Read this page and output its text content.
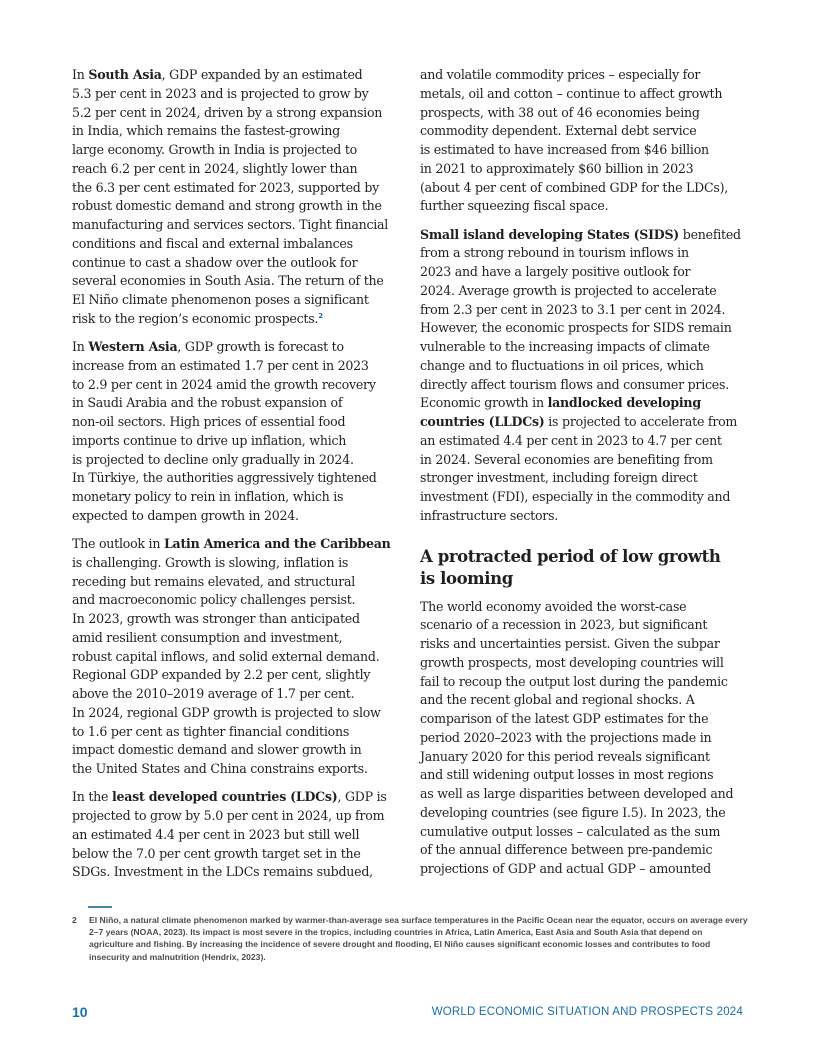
In South Asia, GDP expanded by an estimated
5.3 per cent in 2023 and is projected to grow by
5.2 per cent in 2024, driven by a strong expansion
in India, which remains the fastest-growing
large economy. Growth in India is projected to
reach 6.2 per cent in 2024, slightly lower than
the 6.3 per cent estimated for 2023, supported by
robust domestic demand and strong growth in the
manufacturing and services sectors. Tight financial
conditions and fiscal and external imbalances
continue to cast a shadow over the outlook for
several economies in South Asia. The return of the
El Niño climate phenomenon poses a significant
risk to the region’s economic prospects.$^2$

In Western Asia, GDP growth is forecast to
increase from an estimated 1.7 per cent in 2023
to 2.9 per cent in 2024 amid the growth recovery
in Saudi Arabia and the robust expansion of
non-oil sectors. High prices of essential food
imports continue to drive up inflation, which
is projected to decline only gradually in 2024.
In Türkiye, the authorities aggressively tightened
monetary policy to rein in inflation, which is
expected to dampen growth in 2024.

The outlook in Latin America and the Caribbean
is challenging. Growth is slowing, inflation is
receding but remains elevated, and structural
and macroeconomic policy challenges persist.
In 2023, growth was stronger than anticipated
amid resilient consumption and investment,
robust capital inflows, and solid external demand.
Regional GDP expanded by 2.2 per cent, slightly
above the 2010–2019 average of 1.7 per cent.
In 2024, regional GDP growth is projected to slow
to 1.6 per cent as tighter financial conditions
impact domestic demand and slower growth in
the United States and China constrains exports.

In the least developed countries (LDCs), GDP is
projected to grow by 5.0 per cent in 2024, up from
an estimated 4.4 per cent in 2023 but still well
below the 7.0 per cent growth target set in the
SDGs. Investment in the LDCs remains subdued,

and volatile commodity prices – especially for
metals, oil and cotton – continue to affect growth
prospects, with 38 out of 46 economies being
commodity dependent. External debt service
is estimated to have increased from $46 billion
in 2021 to approximately $60 billion in 2023
(about 4 per cent of combined GDP for the LDCs),
further squeezing fiscal space.

Small island developing States (SIDS) benefited
from a strong rebound in tourism inflows in
2023 and have a largely positive outlook for
2024. Average growth is projected to accelerate
from 2.3 per cent in 2023 to 3.1 per cent in 2024.
However, the economic prospects for SIDS remain
vulnerable to the increasing impacts of climate
change and to fluctuations in oil prices, which
directly affect tourism flows and consumer prices.
Economic growth in landlocked developing
countries (LLDCs) is projected to accelerate from
an estimated 4.4 per cent in 2023 to 4.7 per cent
in 2024. Several economies are benefiting from
stronger investment, including foreign direct
investment (FDI), especially in the commodity and
infrastructure sectors.

A protracted period of low growth
is looming

The world economy avoided the worst-case
scenario of a recession in 2023, but significant
risks and uncertainties persist. Given the subpar
growth prospects, most developing countries will
fail to recoup the output lost during the pandemic
and the recent global and regional shocks. A
comparison of the latest GDP estimates for the
period 2020–2023 with the projections made in
January 2020 for this period reveals significant
and still widening output losses in most regions
as well as large disparities between developed and
developing countries (see figure I.5). In 2023, the
cumulative output losses – calculated as the sum
of the annual difference between pre-pandemic
projections of GDP and actual GDP – amounted

2 El Niño, a natural climate phenomenon marked by warmer-than-average sea surface temperatures in the Pacific Ocean near the equator, occurs on average every 2–7 years (NOAA, 2023). Its impact is most severe in the tropics, including countries in Africa, Latin America, East Asia and South Asia that depend on agriculture and fishing. By increasing the incidence of severe drought and flooding, El Niño causes significant economic losses and contributes to food insecurity and malnutrition (Hendrix, 2023).
10	WORLD ECONOMIC SITUATION AND PROSPECTS 2024
